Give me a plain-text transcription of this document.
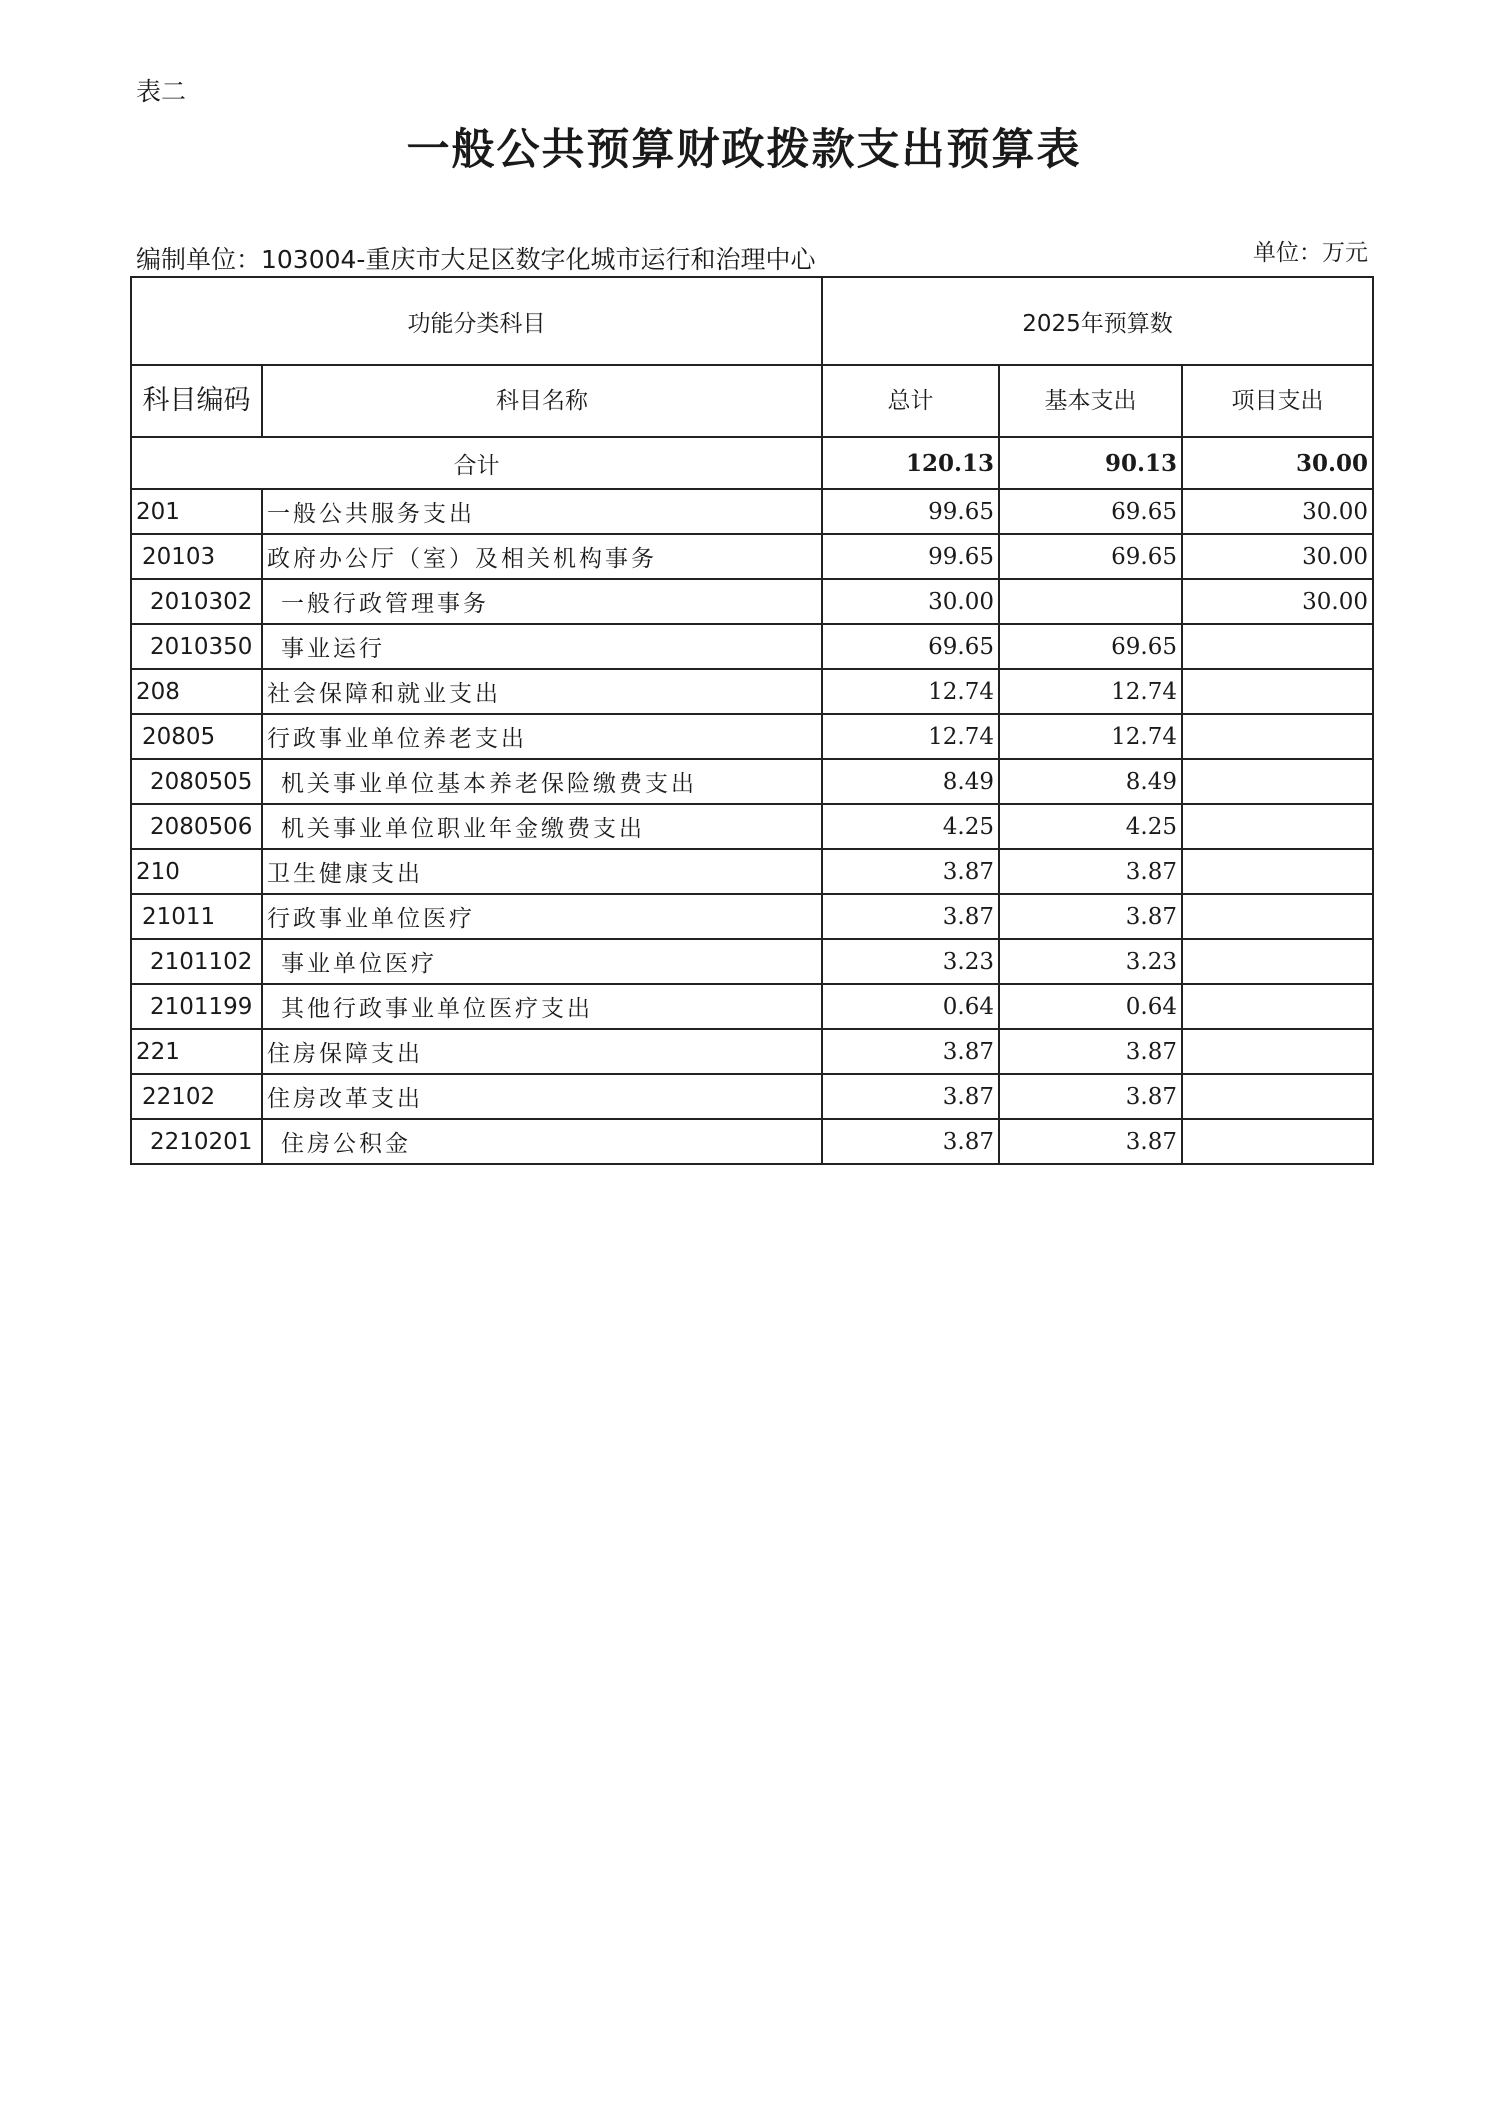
表二
一般公共预算财政拨款支出预算表
编制单位：103004-重庆市大足区数字化城市运行和治理中心	单位：万元
功能分类科目		2025年预算数		
科目编码	科目名称	总计	基本支出	项目支出
合计		120.13	90.13	30.00
201	一般公共服务支出	99.65	69.65	30.00
20103	政府办公厅（室）及相关机构事务	99.65	69.65	30.00
2010302	一般行政管理事务	30.00		30.00
2010350	事业运行	69.65	69.65	
208	社会保障和就业支出	12.74	12.74	
20805	行政事业单位养老支出	12.74	12.74	
2080505	机关事业单位基本养老保险缴费支出	8.49	8.49	
2080506	机关事业单位职业年金缴费支出	4.25	4.25	
210	卫生健康支出	3.87	3.87	
21011	行政事业单位医疗	3.87	3.87	
2101102	事业单位医疗	3.23	3.23	
2101199	其他行政事业单位医疗支出	0.64	0.64	
221	住房保障支出	3.87	3.87	
22102	住房改革支出	3.87	3.87	
2210201	住房公积金	3.87	3.87	
